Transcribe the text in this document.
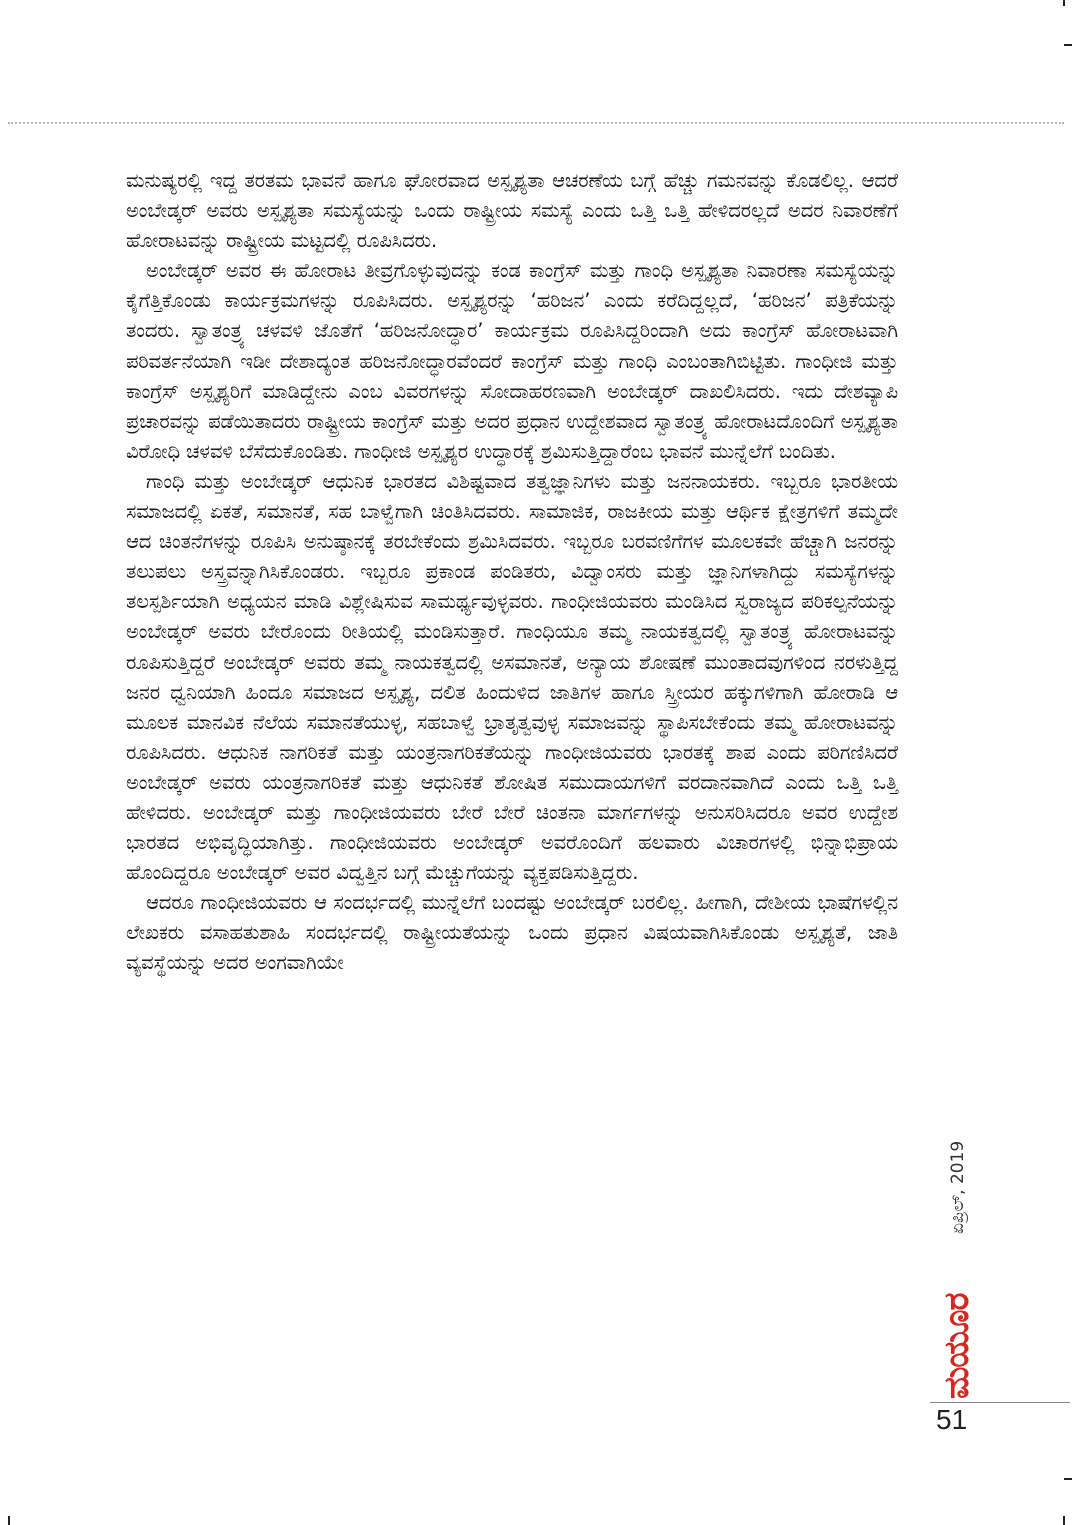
ಮನುಷ್ಯರಲ್ಲಿ ಇದ್ದ ತರತಮ ಭಾವನೆ ಹಾಗೂ ಘೋರವಾದ ಅಸ್ಪೃಶ್ಯತಾ ಆಚರಣೆಯ ಬಗ್ಗೆ ಹೆಚ್ಚು ಗಮನವನ್ನು ಕೊಡಲಿಲ್ಲ. ಆದರೆ ಅಂಬೇಡ್ಕರ್ ಅವರು ಅಸ್ಪೃಶ್ಯತಾ ಸಮಸ್ಯೆಯನ್ನು ಒಂದು ರಾಷ್ಟ್ರೀಯ ಸಮಸ್ಯೆ ಎಂದು ಒತ್ತಿ ಒತ್ತಿ ಹೇಳಿದರಲ್ಲದೆ ಅದರ ನಿವಾರಣೆಗೆ ಹೋರಾಟವನ್ನು ರಾಷ್ಟ್ರೀಯ ಮಟ್ಟದಲ್ಲಿ ರೂಪಿಸಿದರು.

ಅಂಬೇಡ್ಕರ್ ಅವರ ಈ ಹೋರಾಟ ತೀವ್ರಗೊಳ್ಳುವುದನ್ನು ಕಂಡ ಕಾಂಗ್ರೆಸ್ ಮತ್ತು ಗಾಂಧಿ ಅಸ್ಪೃಶ್ಯತಾ ನಿವಾರಣಾ ಸಮಸ್ಯೆಯನ್ನು ಕೈಗೆತ್ತಿಕೊಂಡು ಕಾರ್ಯಕ್ರಮಗಳನ್ನು ರೂಪಿಸಿದರು. ಅಸ್ಪೃಶ್ಯರನ್ನು ‘ಹರಿಜನ’ ಎಂದು ಕರೆದಿದ್ದಲ್ಲದೆ, ‘ಹರಿಜನ’ ಪತ್ರಿಕೆಯನ್ನು ತಂದರು. ಸ್ವಾತಂತ್ರ್ಯ ಚಳವಳಿ ಜೊತೆಗೆ ‘ಹರಿಜನೋದ್ಧಾರ’ ಕಾರ್ಯಕ್ರಮ ರೂಪಿಸಿದ್ದರಿಂದಾಗಿ ಅದು ಕಾಂಗ್ರೆಸ್ ಹೋರಾಟವಾಗಿ ಪರಿವರ್ತನೆಯಾಗಿ ಇಡೀ ದೇಶಾದ್ಯಂತ ಹರಿಜನೋದ್ಧಾರವೆಂದರೆ ಕಾಂಗ್ರೆಸ್ ಮತ್ತು ಗಾಂಧಿ ಎಂಬಂತಾಗಿಬಿಟ್ಟಿತು. ಗಾಂಧೀಜಿ ಮತ್ತು ಕಾಂಗ್ರೆಸ್ ಅಸ್ಪೃಶ್ಯರಿಗೆ ಮಾಡಿದ್ದೇನು ಎಂಬ ವಿವರಗಳನ್ನು ಸೋದಾಹರಣವಾಗಿ ಅಂಬೇಡ್ಕರ್ ದಾಖಲಿಸಿದರು. ಇದು ದೇಶವ್ಯಾಪಿ ಪ್ರಚಾರವನ್ನು ಪಡೆಯಿತಾದರು ರಾಷ್ಟ್ರೀಯ ಕಾಂಗ್ರೆಸ್ ಮತ್ತು ಅದರ ಪ್ರಧಾನ ಉದ್ದೇಶವಾದ ಸ್ವಾತಂತ್ರ್ಯ ಹೋರಾಟದೊಂದಿಗೆ ಅಸ್ಪೃಶ್ಯತಾ ವಿರೋಧಿ ಚಳವಳಿ ಬೆಸೆದುಕೊಂಡಿತು. ಗಾಂಧೀಜಿ ಅಸ್ಪೃಶ್ಯರ ಉದ್ಧಾರಕ್ಕೆ ಶ್ರಮಿಸುತ್ತಿದ್ದಾರೆಂಬ ಭಾವನೆ ಮುನ್ನೆಲೆಗೆ ಬಂದಿತು.

ಗಾಂಧಿ ಮತ್ತು ಅಂಬೇಡ್ಕರ್ ಆಧುನಿಕ ಭಾರತದ ವಿಶಿಷ್ಟವಾದ ತತ್ವಜ್ಞಾನಿಗಳು ಮತ್ತು ಜನನಾಯಕರು. ಇಬ್ಬರೂ ಭಾರತೀಯ ಸಮಾಜದಲ್ಲಿ ಏಕತೆ, ಸಮಾನತೆ, ಸಹ ಬಾಳ್ವೆಗಾಗಿ ಚಿಂತಿಸಿದವರು. ಸಾಮಾಜಿಕ, ರಾಜಕೀಯ ಮತ್ತು ಆರ್ಥಿಕ ಕ್ಷೇತ್ರಗಳಿಗೆ ತಮ್ಮದೇ ಆದ ಚಿಂತನೆಗಳನ್ನು ರೂಪಿಸಿ ಅನುಷ್ಠಾನಕ್ಕೆ ತರಬೇಕೆಂದು ಶ್ರಮಿಸಿದವರು. ಇಬ್ಬರೂ ಬರವಣಿಗೆಗಳ ಮೂಲಕವೇ ಹೆಚ್ಚಾಗಿ ಜನರನ್ನು ತಲುಪಲು ಅಸ್ತ್ರವನ್ನಾಗಿಸಿಕೊಂಡರು. ಇಬ್ಬರೂ ಪ್ರಕಾಂಡ ಪಂಡಿತರು, ವಿದ್ವಾಂಸರು ಮತ್ತು ಜ್ಞಾನಿಗಳಾಗಿದ್ದು ಸಮಸ್ಯೆಗಳನ್ನು ತಲಸ್ಪರ್ಶಿಯಾಗಿ ಅಧ್ಯಯನ ಮಾಡಿ ವಿಶ್ಲೇಷಿಸುವ ಸಾಮರ್ಥ್ಯವುಳ್ಳವರು. ಗಾಂಧೀಜಿಯವರು ಮಂಡಿಸಿದ ಸ್ವರಾಜ್ಯದ ಪರಿಕಲ್ಪನೆಯನ್ನು ಅಂಬೇಡ್ಕರ್ ಅವರು ಬೇರೊಂದು ರೀತಿಯಲ್ಲಿ ಮಂಡಿಸುತ್ತಾರೆ. ಗಾಂಧಿಯೂ ತಮ್ಮ ನಾಯಕತ್ವದಲ್ಲಿ ಸ್ವಾತಂತ್ರ್ಯ ಹೋರಾಟವನ್ನು ರೂಪಿಸುತ್ತಿದ್ದರೆ ಅಂಬೇಡ್ಕರ್ ಅವರು ತಮ್ಮ ನಾಯಕತ್ವದಲ್ಲಿ ಅಸಮಾನತೆ, ಅನ್ಯಾಯ ಶೋಷಣೆ ಮುಂತಾದವುಗಳಿಂದ ನರಳುತ್ತಿದ್ದ ಜನರ ಧ್ವನಿಯಾಗಿ ಹಿಂದೂ ಸಮಾಜದ ಅಸ್ಪೃಶ್ಯ, ದಲಿತ ಹಿಂದುಳಿದ ಜಾತಿಗಳ ಹಾಗೂ ಸ್ತ್ರೀಯರ ಹಕ್ಕುಗಳಿಗಾಗಿ ಹೋರಾಡಿ ಆ ಮೂಲಕ ಮಾನವಿಕ ನೆಲೆಯ ಸಮಾನತೆಯುಳ್ಳ, ಸಹಬಾಳ್ವೆ ಭ್ರಾತೃತ್ವವುಳ್ಳ ಸಮಾಜವನ್ನು ಸ್ಥಾಪಿಸಬೇಕೆಂದು ತಮ್ಮ ಹೋರಾಟವನ್ನು ರೂಪಿಸಿದರು. ಆಧುನಿಕ ನಾಗರಿಕತೆ ಮತ್ತು ಯಂತ್ರನಾಗರಿಕತೆಯನ್ನು ಗಾಂಧೀಜಿಯವರು ಭಾರತಕ್ಕೆ ಶಾಪ ಎಂದು ಪರಿಗಣಿಸಿದರೆ ಅಂಬೇಡ್ಕರ್ ಅವರು ಯಂತ್ರನಾಗರಿಕತೆ ಮತ್ತು ಆಧುನಿಕತೆ ಶೋಷಿತ ಸಮುದಾಯಗಳಿಗೆ ವರದಾನವಾಗಿದೆ ಎಂದು ಒತ್ತಿ ಒತ್ತಿ ಹೇಳಿದರು. ಅಂಬೇಡ್ಕರ್ ಮತ್ತು ಗಾಂಧೀಜಿಯವರು ಬೇರೆ ಬೇರೆ ಚಿಂತನಾ ಮಾರ್ಗಗಳನ್ನು ಅನುಸರಿಸಿದರೂ ಅವರ ಉದ್ದೇಶ ಭಾರತದ ಅಭಿವೃದ್ಧಿಯಾಗಿತ್ತು. ಗಾಂಧೀಜಿಯವರು ಅಂಬೇಡ್ಕರ್ ಅವರೊಂದಿಗೆ ಹಲವಾರು ವಿಚಾರಗಳಲ್ಲಿ ಭಿನ್ನಾಭಿಪ್ರಾಯ ಹೊಂದಿದ್ದರೂ ಅಂಬೇಡ್ಕರ್ ಅವರ ವಿದ್ವತ್ತಿನ ಬಗ್ಗೆ ಮೆಚ್ಚುಗೆಯನ್ನು ವ್ಯಕ್ತಪಡಿಸುತ್ತಿದ್ದರು.

ಆದರೂ ಗಾಂಧೀಜಿಯವರು ಆ ಸಂದರ್ಭದಲ್ಲಿ ಮುನ್ನೆಲೆಗೆ ಬಂದಷ್ಟು ಅಂಬೇಡ್ಕರ್ ಬರಲಿಲ್ಲ. ಹೀಗಾಗಿ, ದೇಶೀಯ ಭಾಷೆಗಳಲ್ಲಿನ ಲೇಖಕರು ವಸಾಹತುಶಾಹಿ ಸಂದರ್ಭದಲ್ಲಿ ರಾಷ್ಟ್ರೀಯತೆಯನ್ನು ಒಂದು ಪ್ರಧಾನ ವಿಷಯವಾಗಿಸಿಕೊಂಡು ಅಸ್ಪೃಶ್ಯತೆ, ಜಾತಿ ವ್ಯವಸ್ಥೆಯನ್ನು ಅದರ ಅಂಗವಾಗಿಯೇ

ಏಪ್ರಿಲ್, 2019
ಮಯೂರ
51
